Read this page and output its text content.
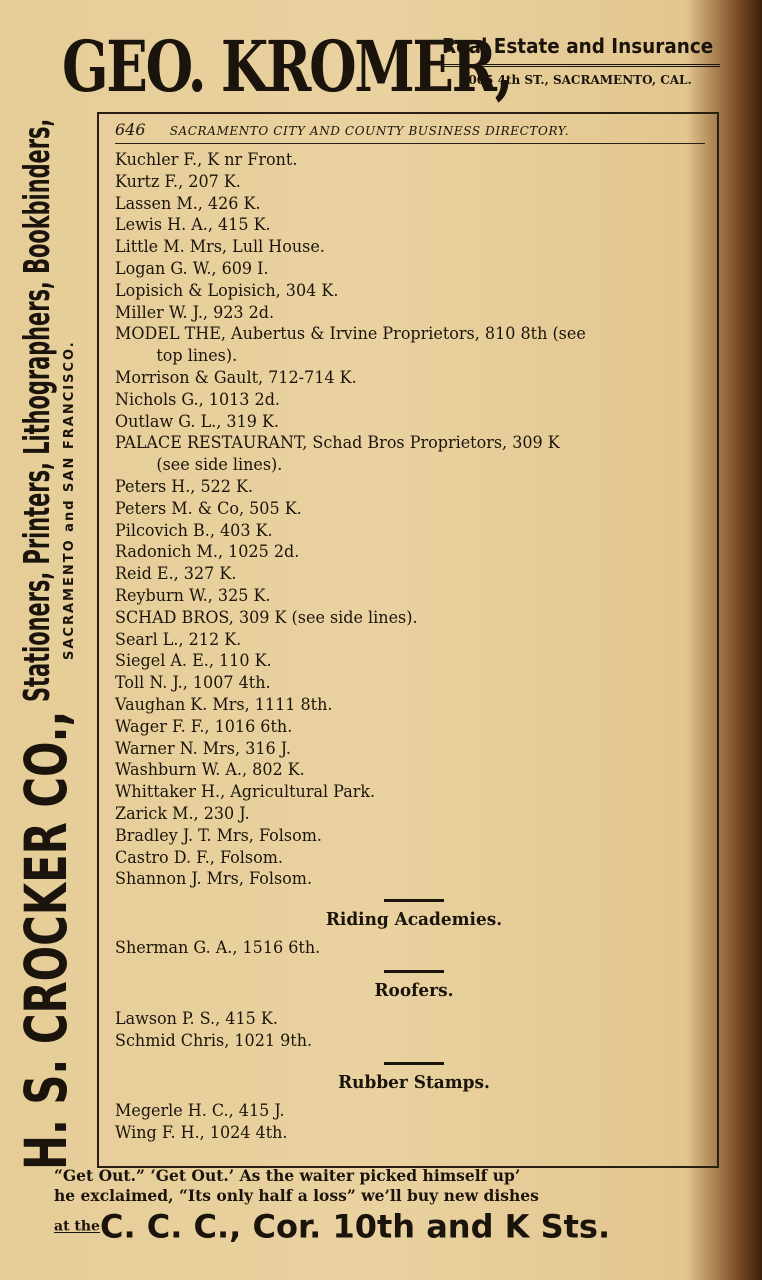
GEO. KROMER,
Real Estate and Insurance
1005 4th ST., SACRAMENTO, CAL.
H. S. CROCKER CO.,
Stationers, Printers, Lithographers, Bookbinders, SACRAMENTO and SAN FRANCISCO.
646 SACRAMENTO CITY AND COUNTY BUSINESS DIRECTORY.
Kuchler F., K nr Front.
Kurtz F., 207 K.
Lassen M., 426 K.
Lewis H. A., 415 K.
Little M. Mrs, Lull House.
Logan G. W., 609 I.
Lopisich & Lopisich, 304 K.
Miller W. J., 923 2d.
MODEL THE, Aubertus & Irvine Proprietors, 810 8th (see
top lines).
Morrison & Gault, 712-714 K.
Nichols G., 1013 2d.
Outlaw G. L., 319 K.
PALACE RESTAURANT, Schad Bros Proprietors, 309 K
(see side lines).
Peters H., 522 K.
Peters M. & Co, 505 K.
Pilcovich B., 403 K.
Radonich M., 1025 2d.
Reid E., 327 K.
Reyburn W., 325 K.
SCHAD BROS, 309 K (see side lines).
Searl L., 212 K.
Siegel A. E., 110 K.
Toll N. J., 1007 4th.
Vaughan K. Mrs, 1111 8th.
Wager F. F., 1016 6th.
Warner N. Mrs, 316 J.
Washburn W. A., 802 K.
Whittaker H., Agricultural Park.
Zarick M., 230 J.
Bradley J. T. Mrs, Folsom.
Castro D. F., Folsom.
Shannon J. Mrs, Folsom.
Riding Academies.
Sherman G. A., 1516 6th.
Roofers.
Lawson P. S., 415 K.
Schmid Chris, 1021 9th.
Rubber Stamps.
Megerle H. C., 415 J.
Wing F. H., 1024 4th.
“Get Out.” ‘Get Out.’ As the waiter picked himself up’
he exclaimed, “Its only half a loss” we’ll buy new dishes
at theC. C. C., Cor. 10th and K Sts.
